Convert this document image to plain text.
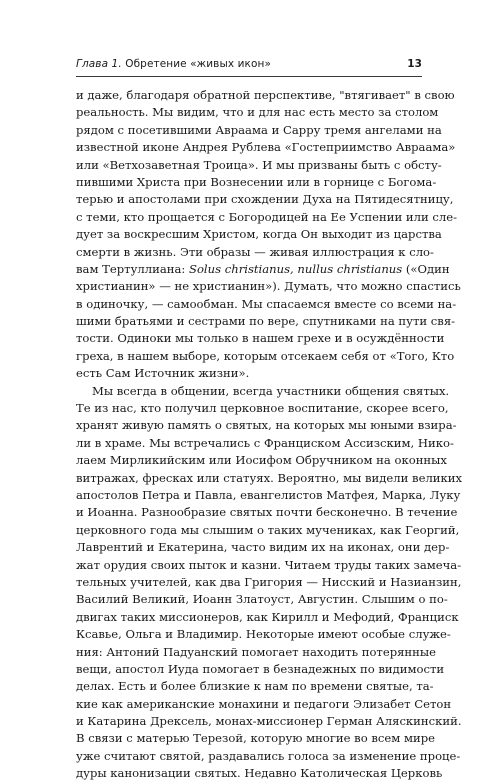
Глава 1. Обретение «живых икон»	13
и даже, благодаря обратной перспективе, "втягивает" в свою
реальность. Мы видим, что и для нас есть место за столом
рядом с посетившими Авраама и Сарру тремя ангелами на
известной иконе Андрея Рублева «Гостеприимство Авраама»
или «Ветхозаветная Троица». И мы призваны быть с обсту-
пившими Христа при Вознесении или в горнице с Богома-
терью и апостолами при схождении Духа на Пятидесятницу,
с теми, кто прощается с Богородицей на Ее Успении или сле-
дует за воскресшим Христом, когда Он выходит из царства
смерти в жизнь. Эти образы — живая иллюстрация к сло-
вам Тертуллиана: Solus christianus, nullus christianus («Один
христианин» — не христианин»). Думать, что можно спастись
в одиночку, — самообман. Мы спасаемся вместе со всеми на-
шими братьями и сестрами по вере, спутниками на пути свя-
тости. Одиноки мы только в нашем грехе и в осуждённости
греха, в нашем выборе, которым отсекаем себя от «Того, Кто
есть Сам Источник жизни».
Мы всегда в общении, всегда участники общения святых.
Те из нас, кто получил церковное воспитание, скорее всего,
хранят живую память о святых, на которых мы юными взира-
ли в храме. Мы встречались с Франциском Ассизским, Нико-
лаем Мирликийским или Иосифом Обручником на оконных
витражах, фресках или статуях. Вероятно, мы видели великих
апостолов Петра и Павла, евангелистов Матфея, Марка, Луку
и Иоанна. Разнообразие святых почти бесконечно. В течение
церковного года мы слышим о таких мучениках, как Георгий,
Лаврентий и Екатерина, часто видим их на иконах, они дер-
жат орудия своих пыток и казни. Читаем труды таких замеча-
тельных учителей, как два Григория — Нисский и Назианзин,
Василий Великий, Иоанн Златоуст, Августин. Слышим о по-
двигах таких миссионеров, как Кирилл и Мефодий, Франциск
Ксавье, Ольга и Владимир. Некоторые имеют особые служе-
ния: Антоний Падуанский помогает находить потерянные
вещи, апостол Иуда помогает в безнадежных по видимости
делах. Есть и более близкие к нам по времени святые, та-
кие как американские монахини и педагоги Элизабет Сетон
и Катарина Дрексель, монах-миссионер Герман Аляскинский.
В связи с матерью Терезой, которую многие во всем мире
уже считают святой, раздавались голоса за изменение проце-
дуры канонизации святых. Недавно Католическая Церковь
